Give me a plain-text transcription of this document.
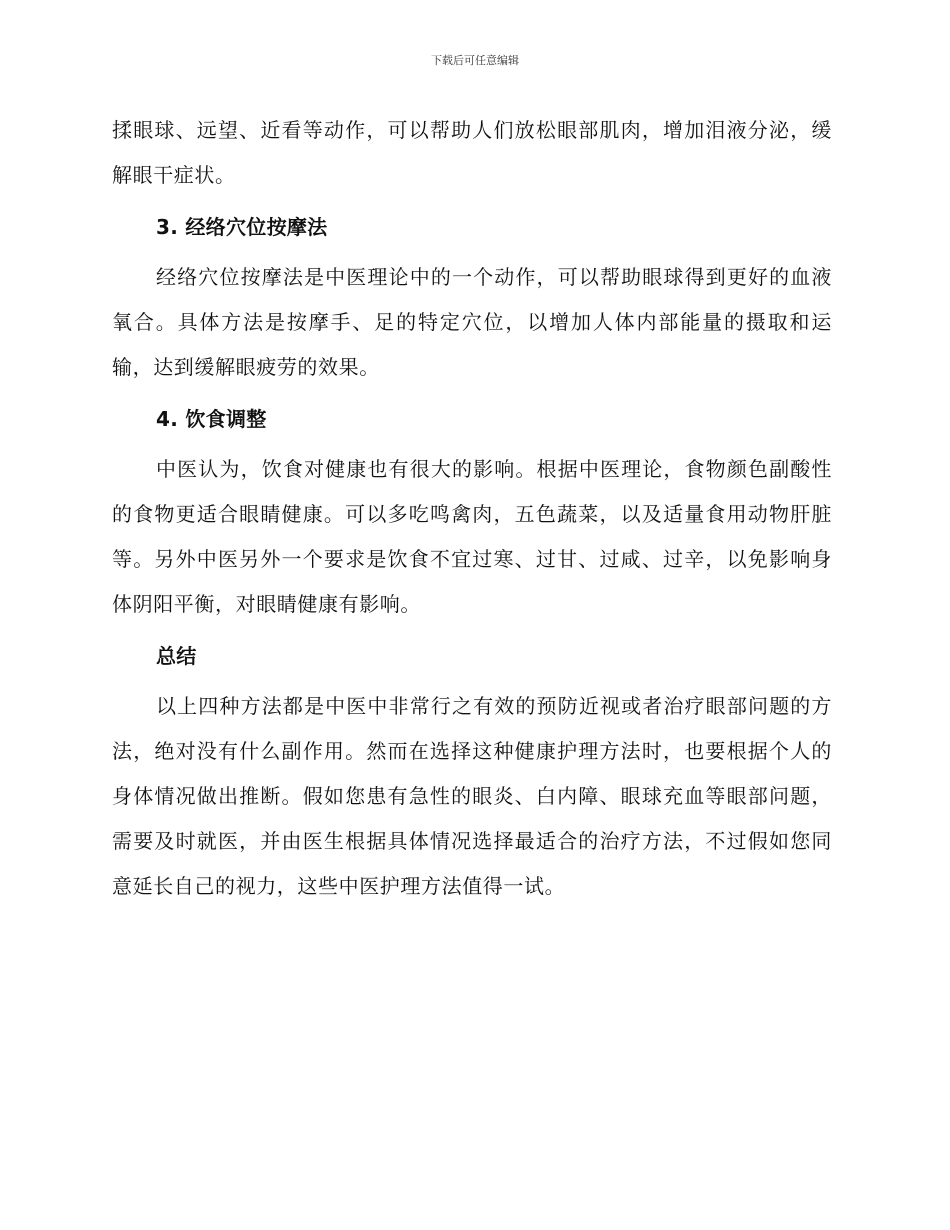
下载后可任意编辑

揉眼球、远望、近看等动作，可以帮助人们放松眼部肌肉，增加泪液分泌，缓解眼干症状。

3. 经络穴位按摩法

经络穴位按摩法是中医理论中的一个动作，可以帮助眼球得到更好的血液氧合。具体方法是按摩手、足的特定穴位，以增加人体内部能量的摄取和运输，达到缓解眼疲劳的效果。

4. 饮食调整

中医认为，饮食对健康也有很大的影响。根据中医理论，食物颜色副酸性的食物更适合眼睛健康。可以多吃鸣禽肉，五色蔬菜，以及适量食用动物肝脏等。另外中医另外一个要求是饮食不宜过寒、过甘、过咸、过辛，以免影响身体阴阳平衡，对眼睛健康有影响。

总结

以上四种方法都是中医中非常行之有效的预防近视或者治疗眼部问题的方法，绝对没有什么副作用。然而在选择这种健康护理方法时，也要根据个人的身体情况做出推断。假如您患有急性的眼炎、白内障、眼球充血等眼部问题，需要及时就医，并由医生根据具体情况选择最适合的治疗方法，不过假如您同意延长自己的视力，这些中医护理方法值得一试。
